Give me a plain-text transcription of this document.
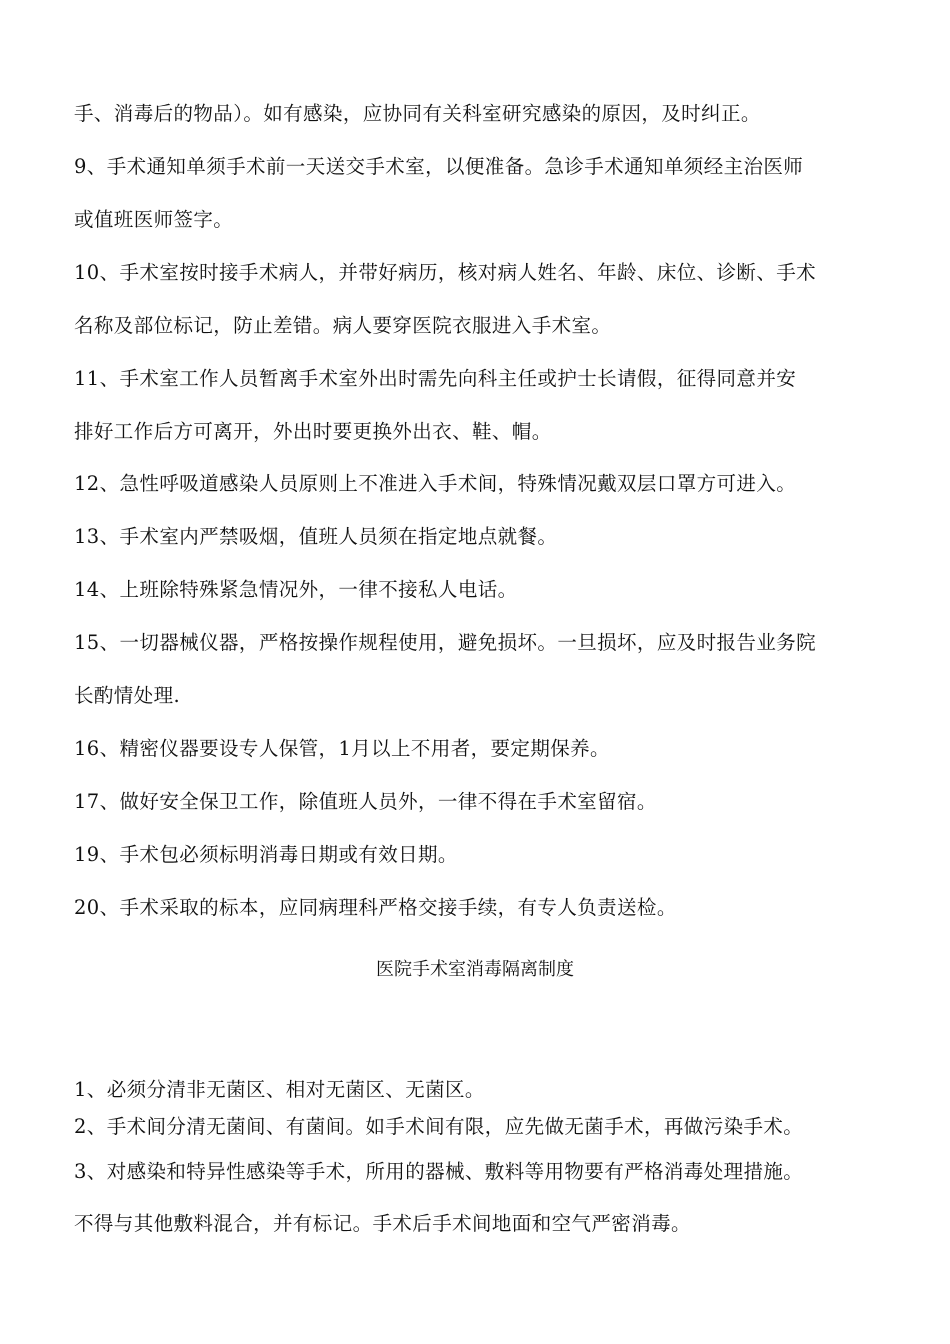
手、消毒后的物品）。如有感染，应协同有关科室研究感染的原因，及时纠正。
9、手术通知单须手术前一天送交手术室，以便准备。急诊手术通知单须经主治医师
或值班医师签字。
10、手术室按时接手术病人，并带好病历，核对病人姓名、年龄、床位、诊断、手术
名称及部位标记，防止差错。病人要穿医院衣服进入手术室。
11、手术室工作人员暂离手术室外出时需先向科主任或护士长请假，征得同意并安
排好工作后方可离开，外出时要更换外出衣、鞋、帽。
12、急性呼吸道感染人员原则上不准进入手术间，特殊情况戴双层口罩方可进入。
13、手术室内严禁吸烟，值班人员须在指定地点就餐。
14、上班除特殊紧急情况外，一律不接私人电话。
15、一切器械仪器，严格按操作规程使用，避免损坏。一旦损坏，应及时报告业务院
长酌情处理.
16、精密仪器要设专人保管，1月以上不用者，要定期保养。
17、做好安全保卫工作，除值班人员外，一律不得在手术室留宿。
19、手术包必须标明消毒日期或有效日期。
20、手术采取的标本，应同病理科严格交接手续，有专人负责送检。
医院手术室消毒隔离制度
1、必须分清非无菌区、相对无菌区、无菌区。
2、手术间分清无菌间、有菌间。如手术间有限，应先做无菌手术，再做污染手术。
3、对感染和特异性感染等手术，所用的器械、敷料等用物要有严格消毒处理措施。
不得与其他敷料混合，并有标记。手术后手术间地面和空气严密消毒。
